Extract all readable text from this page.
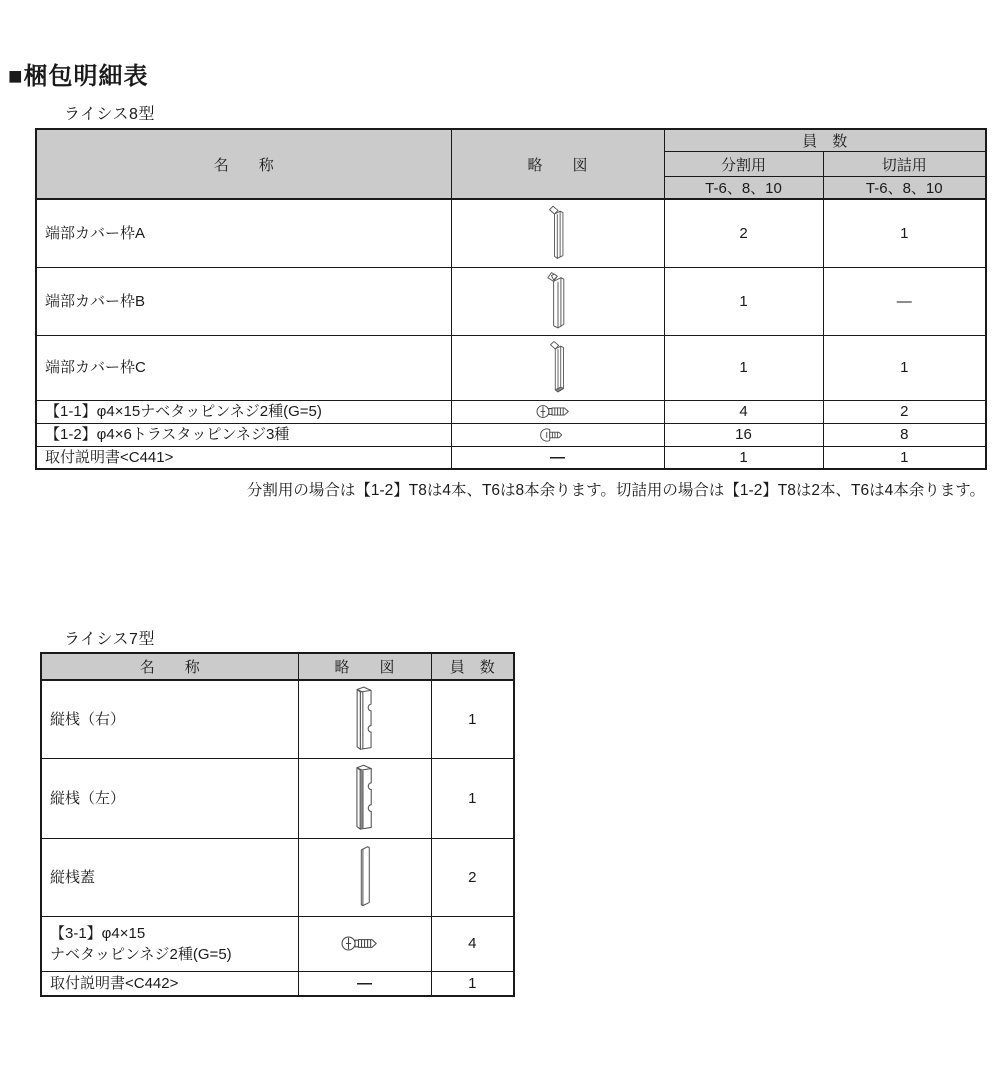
■梱包明細表
ライシス8型
名　　称	略　　図	員　数	
		分割用	切詰用
		T-6、8、10	T-6、8、10
端部カバー枠A		2	1
端部カバー枠B		1	—
端部カバー枠C		1	1
【1-1】φ4×15ナベタッピンネジ2種(G=5)		4	2
【1-2】φ4×6トラスタッピンネジ3種		16	8
取付説明書<C441>	—	1	1
分割用の場合は【1-2】T8は4本、T6は8本余ります。切詰用の場合は【1-2】T8は2本、T6は4本余ります。
ライシス7型
名　　称	略　　図	員　数
縦桟（右）		1
縦桟（左）		1
縦桟蓋		2

【3-1】φ4×15
ナベタッピンネジ2種(G=5)		4
取付説明書<C442>	—	1
